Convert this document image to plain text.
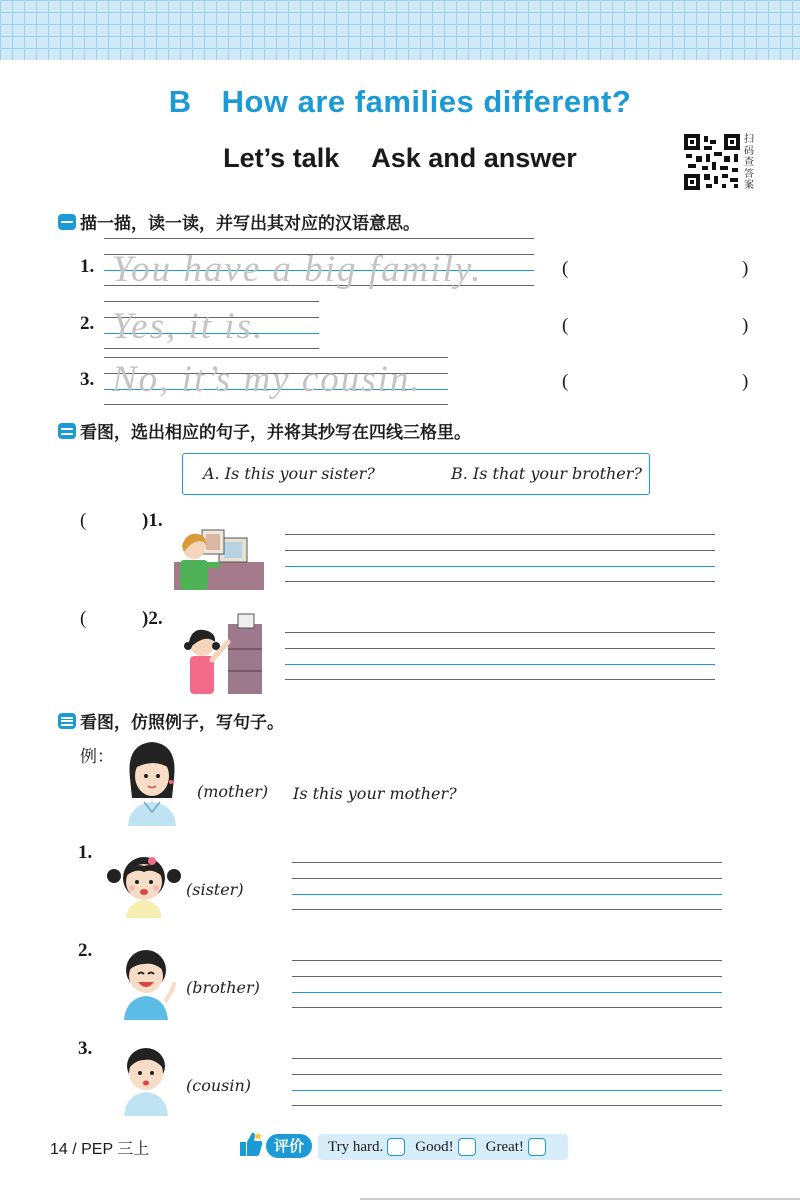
B How are families different?
Let’s talk Ask and answer
扫码查答案
描一描，读一读，并写出其对应的汉语意思。
You have a big family.
1.	(	)
Yes, it is.
2.	(	)
No, it’s my cousin.
3.	(	)
看图，选出相应的句子，并将其抄写在四线三格里。
A. Is this your sister?	B. Is that your brother?
(	)1.
(	)2.
看图，仿照例子，写句子。
例：
(mother) Is this your mother?
1.
(sister)
2.
(brother)
3.
(cousin)
14 / PEP 三上	评价	Try hard. Good! Great!
